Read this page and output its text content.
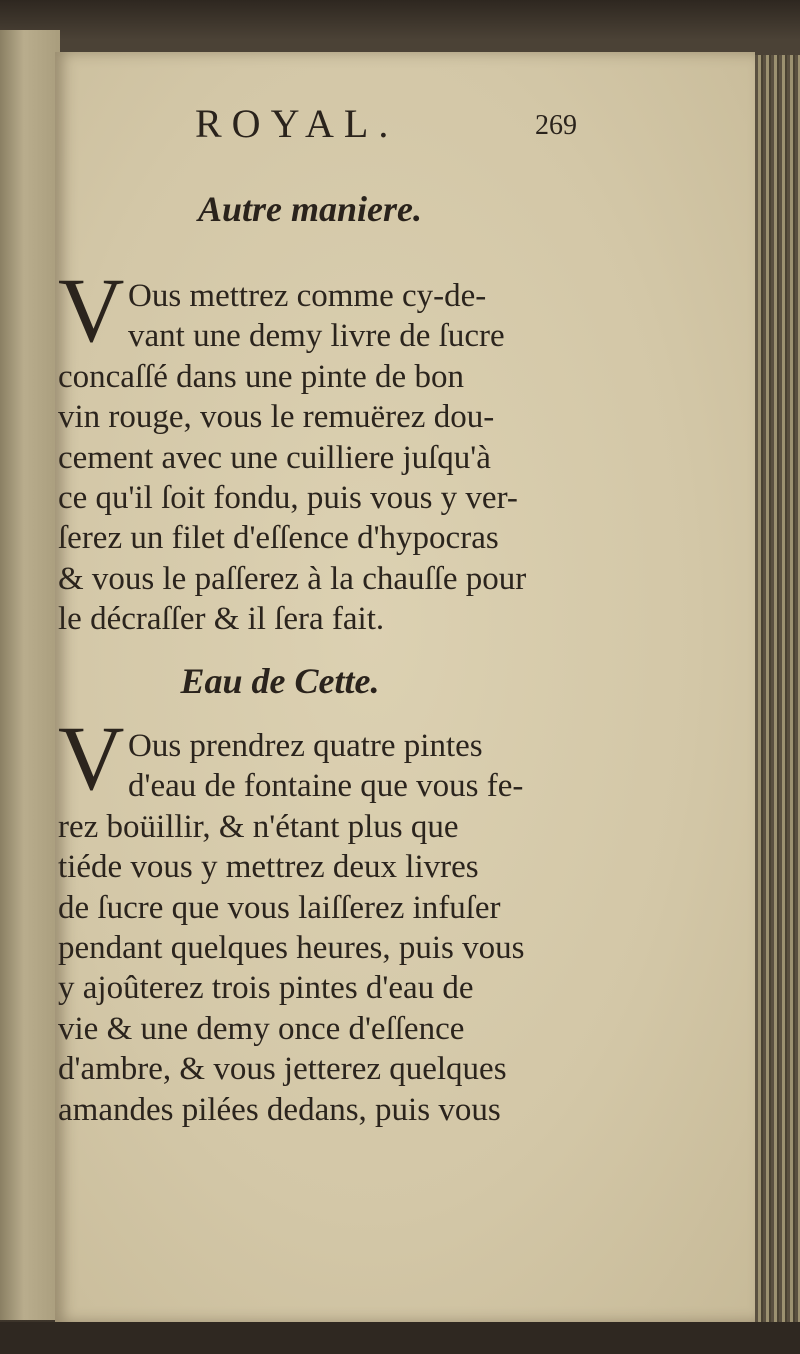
ROYAL.	269
Autre maniere.
V Ous mettrez comme cy-de-
vant une demy livre de ſucre
concaſſé dans une pinte de bon
vin rouge, vous le remuërez dou-
cement avec une cuilliere juſqu'à
ce qu'il ſoit fondu, puis vous y ver-
ſerez un filet d'eſſence d'hypocras
& vous le paſſerez à la chauſſe pour
le décraſſer & il ſera fait.
Eau de Cette.
V Ous prendrez quatre pintes
d'eau de fontaine que vous fe-
rez boüillir, & n'étant plus que
tiéde vous y mettrez deux livres
de ſucre que vous laiſſerez infuſer
pendant quelques heures, puis vous
y ajoûterez trois pintes d'eau de
vie & une demy once d'eſſence
d'ambre, & vous jetterez quelques
amandes pilées dedans, puis vous
